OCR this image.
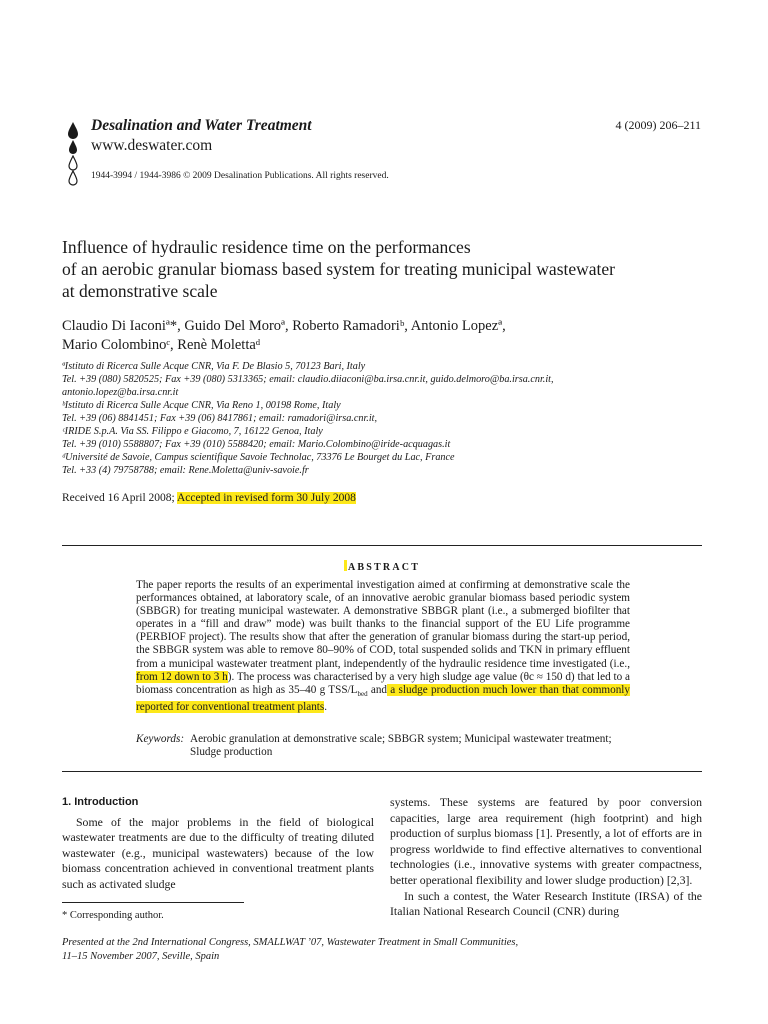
Desalination and Water Treatment
www.deswater.com
4 (2009) 206–211
1944-3994 / 1944-3986 © 2009 Desalination Publications. All rights reserved.
Influence of hydraulic residence time on the performances
of an aerobic granular biomass based system for treating municipal wastewater
at demonstrative scale
Claudio Di Iaconiª*, Guido Del Moroª, Roberto Ramadoriᵇ, Antonio Lopezª,
Mario Colombinoᶜ, Renè Molettaᵈ
ªIstituto di Ricerca Sulle Acque CNR, Via F. De Blasio 5, 70123 Bari, Italy
Tel. +39 (080) 5820525; Fax +39 (080) 5313365; email: claudio.diiaconi@ba.irsa.cnr.it, guido.delmoro@ba.irsa.cnr.it,
antonio.lopez@ba.irsa.cnr.it
ᵇIstituto di Ricerca Sulle Acque CNR, Via Reno 1, 00198 Rome, Italy
Tel. +39 (06) 8841451; Fax +39 (06) 8417861; email: ramadori@irsa.cnr.it,
ᶜIRIDE S.p.A. Via SS. Filippo e Giacomo, 7, 16122 Genoa, Italy
Tel. +39 (010) 5588807; Fax +39 (010) 5588420; email: Mario.Colombino@iride-acquagas.it
ᵈUniversité de Savoie, Campus scientifique Savoie Technolac, 73376 Le Bourget du Lac, France
Tel. +33 (4) 79758788; email: Rene.Moletta@univ-savoie.fr
Received 16 April 2008; Accepted in revised form 30 July 2008
ABSTRACT
The paper reports the results of an experimental investigation aimed at confirming at demonstrative scale the performances obtained, at laboratory scale, of an innovative aerobic granular biomass based periodic system (SBBGR) for treating municipal wastewater. A demonstrative SBBGR plant (i.e., a submerged biofilter that operates in a “fill and draw” mode) was built thanks to the financial support of the EU Life programme (PERBIOF project). The results show that after the generation of granular biomass during the start-up period, the SBBGR system was able to remove 80–90% of COD, total suspended solids and TKN in primary effluent from a municipal wastewater treatment plant, independently of the hydraulic residence time investigated (i.e., from 12 down to 3 h). The process was characterised by a very high sludge age value (θc ≈ 150 d) that led to a biomass concentration as high as 35–40 g TSS/$L_{bed}$ and a sludge production much lower than that commonly reported for conventional treatment plants.
Keywords: Aerobic granulation at demonstrative scale; SBBGR system; Municipal wastewater treatment; Sludge production
1. Introduction

Some of the major problems in the field of biological wastewater treatments are due to the difficulty of treating diluted wastewater (e.g., municipal wastewaters) because of the low biomass concentration achieved in conventional treatment plants such as activated sludge

systems. These systems are featured by poor conversion capacities, large area requirement (high footprint) and high production of surplus biomass [1]. Presently, a lot of efforts are in progress worldwide to find effective alternatives to conventional technologies (i.e., innovative systems with greater compactness, better operational flexibility and lower sludge production) [2,3].

In such a contest, the Water Research Institute (IRSA) of the Italian National Research Council (CNR) during

* Corresponding author.
Presented at the 2nd International Congress, SMALLWAT ’07, Wastewater Treatment in Small Communities,
11–15 November 2007, Seville, Spain
